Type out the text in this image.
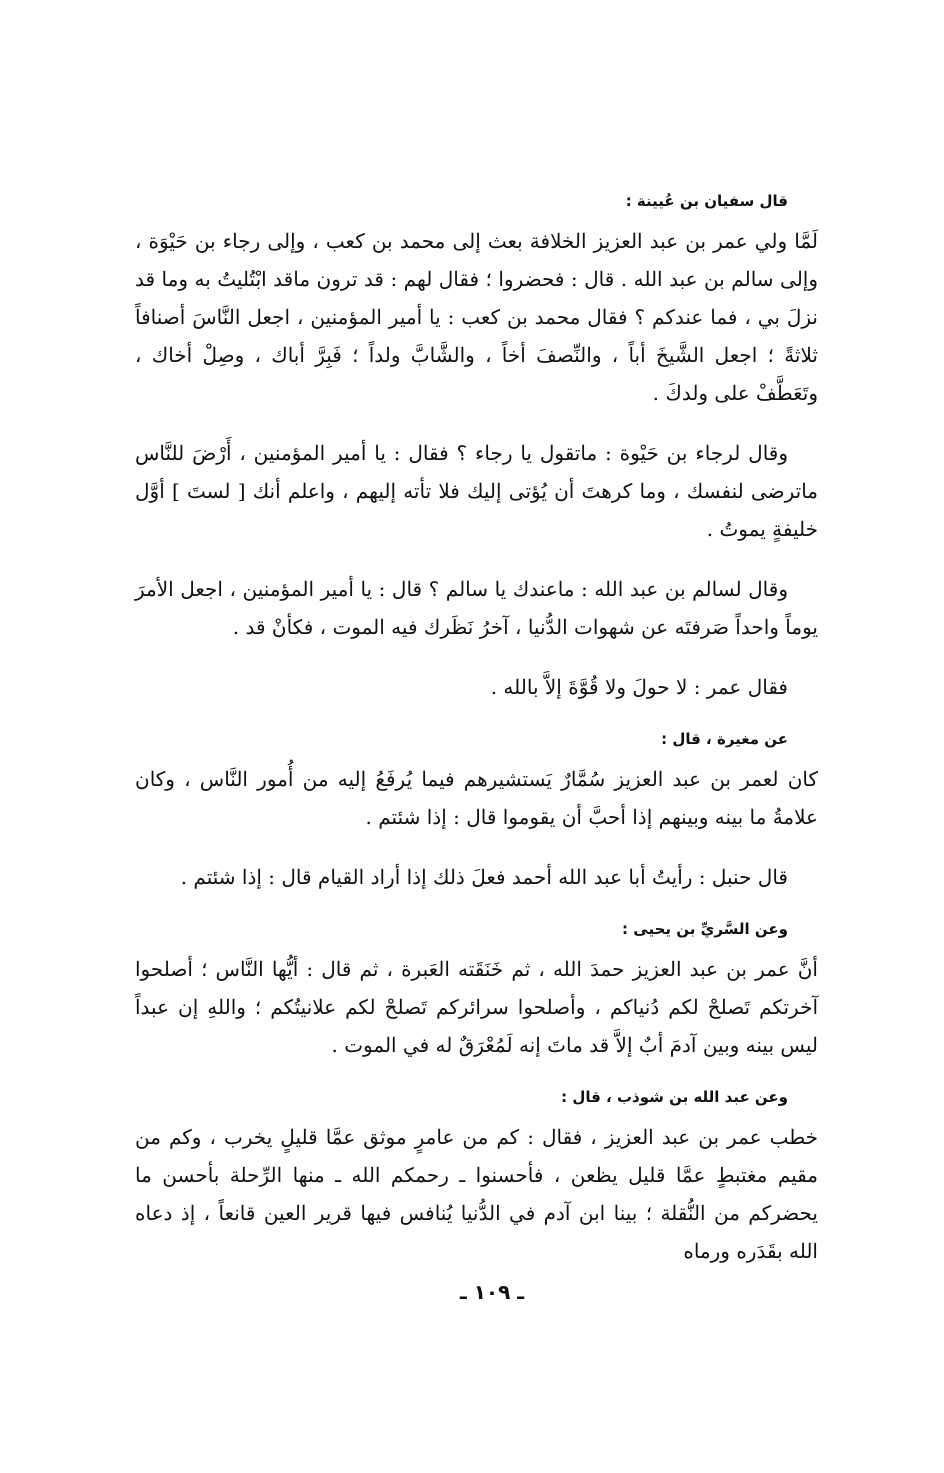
قال سفيان بن عُيينة :

لَمَّا ولي عمر بن عبد العزيز الخلافة بعث إلى محمد بن كعب ، وإلى رجاء بن حَيْوَة ، وإلى سالم بن عبد الله . قال : فحضروا ؛ فقال لهم : قد ترون ماقد ابْتُليتُ به وما قد نزلَ بي ، فما عندكم ؟ فقال محمد بن كعب : يا أمير المؤمنين ، اجعل النَّاسَ أصنافاً ثلاثةً ؛ اجعل الشَّيخَ أباً ، والنِّصفَ أخاً ، والشَّابَّ ولداً ؛ فَبِرَّ أباك ، وصِلْ أخاك ، وتَعَطَّفْ على ولدكَ .

وقال لرجاء بن حَيْوة : ماتقول يا رجاء ؟ فقال : يا أمير المؤمنين ، أَرْضَ للنَّاس ماترضى لنفسك ، وما كرهتَ أن يُؤتى إليك فلا تأته إليهم ، واعلم أنك [ لستَ ] أوَّل خليفةٍ يموتُ .

وقال لسالم بن عبد الله : ماعندك يا سالم ؟ قال : يا أمير المؤمنين ، اجعل الأمرَ يوماً واحداً صَرفتَه عن شهوات الدُّنيا ، آخرُ نَظَرك فيه الموت ، فكأنْ قد .

فقال عمر : لا حولَ ولا قُوَّةَ إلاَّ بالله .

عن مغيرة ، قال :

كان لعمر بن عبد العزيز سُمَّارٌ يَستشيرهم فيما يُرفَعُ إليه من أُمور النَّاس ، وكان علامةُ ما بينه وبينهم إذا أحبَّ أن يقوموا قال : إذا شئتم .

قال حنبل : رأيتُ أبا عبد الله أحمد فعلَ ذلك إذا أراد القيام قال : إذا شئتم .

وعن السَّريِّ بن يحيى :

أنَّ عمر بن عبد العزيز حمدَ الله ، ثم خَنَقَته العَبرة ، ثم قال : أيُّها النَّاس ؛ أصلحوا آخرتكم تَصلحْ لكم دُنياكم ، وأصلحوا سرائركم تَصلحْ لكم علانيتُكم ؛ واللهِ إن عبداً ليس بينه وبين آدمَ أبٌ إلاَّ قد ماتَ إنه لَمُعْرَقٌ له في الموت .

وعن عبد الله بن شوذب ، قال :

خطب عمر بن عبد العزيز ، فقال : كم من عامرٍ موثق عمَّا قليلٍ يخرب ، وكم من مقيم مغتبطٍ عمَّا قليل يظعن ، فأحسنوا ـ رحمكم الله ـ منها الرِّحلة بأحسن ما يحضركم من النُّقلة ؛ بينا ابن آدم في الدُّنيا يُنافس فيها قرير العين قانعاً ، إذ دعاه الله بقَدَره ورماه

ـ ١٠٩ ـ
